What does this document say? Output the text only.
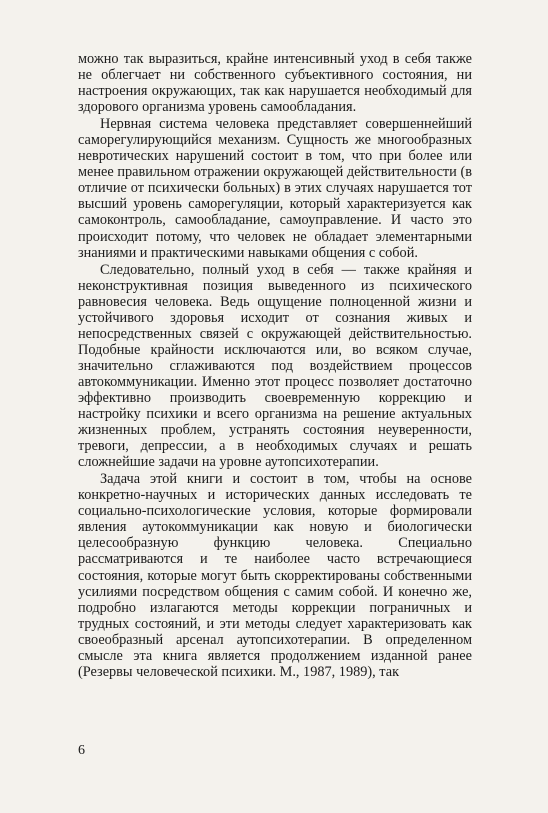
можно так выразиться, крайне интенсивный уход в себя также не облегчает ни собственного субъективного состояния, ни настроения окружающих, так как нарушается необходимый для здорового организма уровень самообладания.

Нервная система человека представляет совершеннейший саморегулирующийся механизм. Сущность же многообразных невротических нарушений состоит в том, что при более или менее правильном отражении окружающей действительности (в отличие от психически больных) в этих случаях нарушается тот высший уровень саморегуляции, который характеризуется как самоконтроль, самообладание, самоуправление. И часто это происходит потому, что человек не обладает элементарными знаниями и практическими навыками общения с собой.

Следовательно, полный уход в себя — также крайняя и неконструктивная позиция выведенного из психического равновесия человека. Ведь ощущение полноценной жизни и устойчивого здоровья исходит от сознания живых и непосредственных связей с окружающей действительностью. Подобные крайности исключаются или, во всяком случае, значительно сглаживаются под воздействием процессов автокоммуникации. Именно этот процесс позволяет достаточно эффективно производить своевременную коррекцию и настройку психики и всего организма на решение актуальных жизненных проблем, устранять состояния неуверенности, тревоги, депрессии, а в необходимых случаях и решать сложнейшие задачи на уровне аутопсихотерапии.

Задача этой книги и состоит в том, чтобы на основе конкретно-научных и исторических данных исследовать те социально-психологические условия, которые формировали явления аутокоммуникации как новую и биологически целесообразную функцию человека. Специально рассматриваются и те наиболее часто встречающиеся состояния, которые могут быть скорректированы собственными усилиями посредством общения с самим собой. И конечно же, подробно излагаются методы коррекции пограничных и трудных состояний, и эти методы следует характеризовать как своеобразный арсенал аутопсихотерапии. В определенном смысле эта книга является продолжением изданной ранее (Резервы человеческой психики. М., 1987, 1989), так

6
